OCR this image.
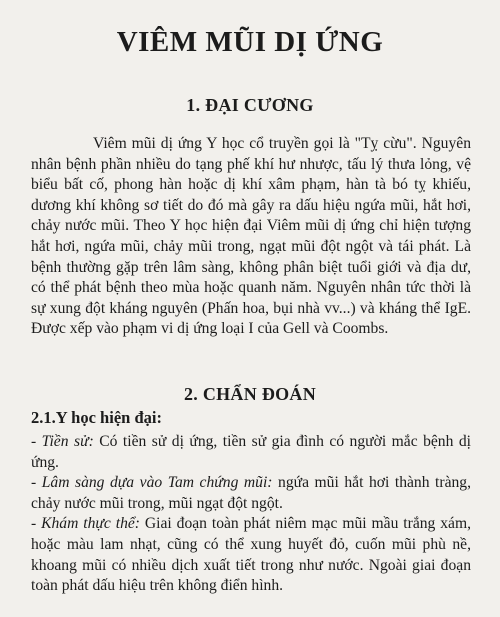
VIÊM MŨI DỊ ỨNG
1. ĐẠI CƯƠNG

Viêm mũi dị ứng Y học cổ truyền gọi là "Tỵ cừu". Nguyên nhân bệnh phần nhiều do tạng phế khí hư nhược, tấu lý thưa lỏng, vệ biểu bất cố, phong hàn hoặc dị khí xâm phạm, hàn tà bó tỵ khiếu, dương khí không sơ tiết do đó mà gây ra dấu hiệu ngứa mũi, hắt hơi, chảy nước mũi. Theo Y học hiện đại Viêm mũi dị ứng chỉ hiện tượng hắt hơi, ngứa mũi, chảy mũi trong, ngạt mũi đột ngột và tái phát. Là bệnh thường gặp trên lâm sàng, không phân biệt tuổi giới và địa dư, có thể phát bệnh theo mùa hoặc quanh năm. Nguyên nhân tức thời là sự xung đột kháng nguyên (Phấn hoa, bụi nhà vv...) và kháng thể IgE. Được xếp vào phạm vi dị ứng loại I của Gell và Coombs.

2. CHẨN ĐOÁN
2.1.Y học hiện đại:
- Tiền sử: Có tiền sử dị ứng, tiền sử gia đình có người mắc bệnh dị ứng.
- Lâm sàng dựa vào Tam chứng mũi: ngứa mũi hắt hơi thành tràng, chảy nước mũi trong, mũi ngạt đột ngột.
- Khám thực thể: Giai đoạn toàn phát niêm mạc mũi mầu trắng xám, hoặc màu lam nhạt, cũng có thể xung huyết đỏ, cuốn mũi phù nề, khoang mũi có nhiều dịch xuất tiết trong như nước. Ngoài giai đoạn toàn phát dấu hiệu trên không điển hình.
